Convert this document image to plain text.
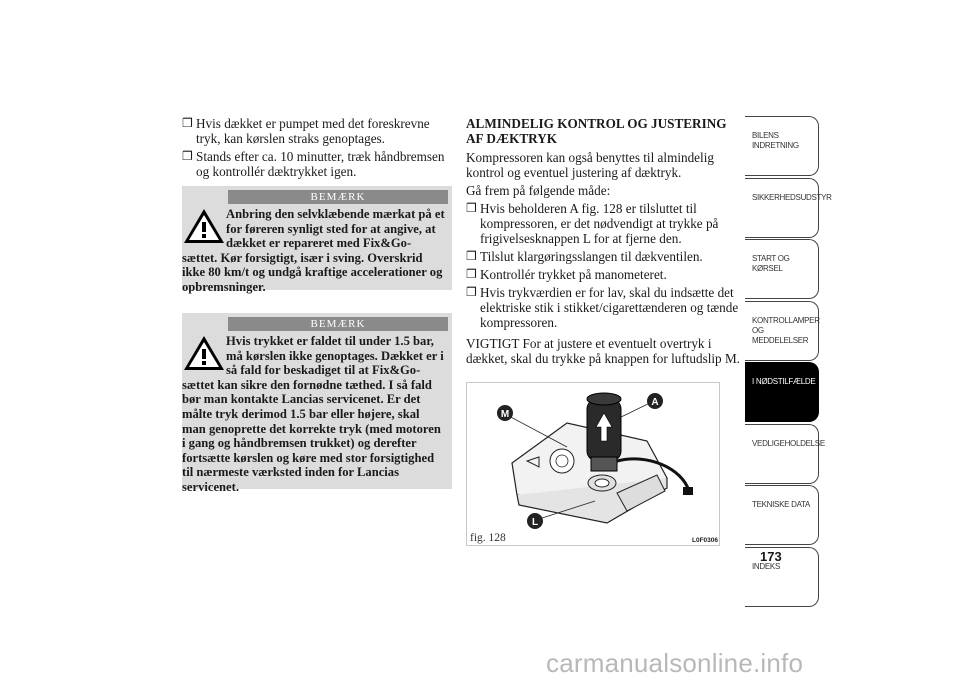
❒ Hvis dækket er pumpet med det foreskrevne tryk, kan kørslen straks genoptages.
❒ Stands efter ca. 10 minutter, træk håndbremsen og kontrollér dæktrykket igen.
BEMÆRK
Anbring den selvklæbende mærkat på et for føreren synligt sted for at angive, at dækket er repareret med Fix&Go-sættet. Kør forsigtigt, især i sving. Overskrid ikke 80 km/t og undgå kraftige accelerationer og opbremsninger.
BEMÆRK
Hvis trykket er faldet til under 1.5 bar, må kørslen ikke genoptages. Dækket er i så fald for beskadiget til at Fix&Go-sættet kan sikre den fornødne tæthed. I så fald bør man kontakte Lancias servicenet. Er det målte tryk derimod 1.5 bar eller højere, skal man genoprette det korrekte tryk (med motoren i gang og håndbremsen trukket) og derefter fortsætte kørslen og køre med stor forsigtighed til nærmeste værksted inden for Lancias servicenet.
ALMINDELIG KONTROL OG JUSTERING AF DÆKTRYK

Kompressoren kan også benyttes til almindelig kontrol og eventuel justering af dæktryk.

Gå frem på følgende måde:

❒ Hvis beholderen A fig. 128 er tilsluttet til kompressoren, er det nødvendigt at trykke på frigivelsesknappen L for at fjerne den.
❒ Tilslut klargøringsslangen til dækventilen.
❒ Kontrollér trykket på manometeret.
❒ Hvis trykværdien er for lav, skal du indsætte det elektriske stik i stikket/cigarettænderen og tænde kompressoren.

VIGTIGT For at justere et eventuelt overtryk i dækket, skal du trykke på knappen for luftudslip M.

A
M
L
fig. 128	L0F0306
BILENS
INDRETNING
SIKKERHEDSUDSTYR
START OG KØRSEL
KONTROLLAMPER
OG MEDDELELSER
I NØDSTILFÆLDE
VEDLIGEHOLDELSE
TEKNISKE DATA
INDEKS
173
carmanualsonline.info
